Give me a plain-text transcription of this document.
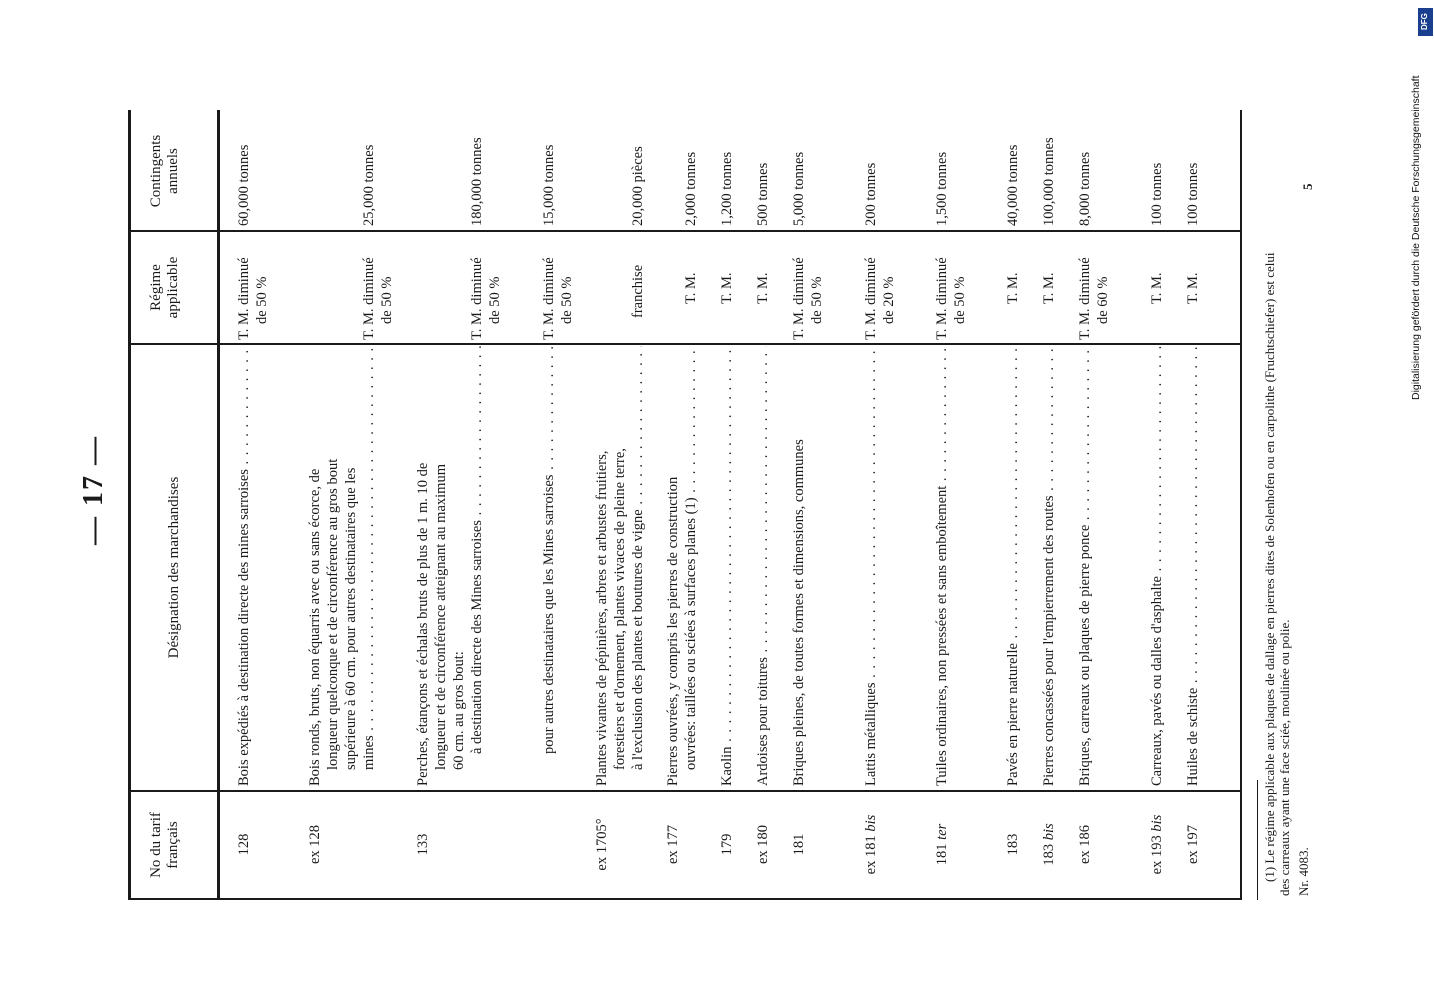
— 17 —
No du tarif français
Désignation des marchandises
Régime applicable
Contingents annuels
128
Bois expédiés à destination directe des mines sarroises . . .
T. M. diminué de 50 %
60,000 tonnes
ex 128
Bois ronds, bruts, non équarris avec ou sans écorce, de longueur quelconque et de circonférence au gros bout supérieure à 60 cm. pour autres destinataires que les mines . . .
T. M. diminué de 50 %
25,000 tonnes
133
Perches, étançons et échalas bruts de plus de 1 m. 10 de longueur et de circonférence atteignant au maximum 60 cm. au gros bout: à destination directe des Mines sarroises . . .
T. M. diminué de 50 %
180,000 tonnes
pour autres destinataires que les Mines sarroises . . .
T. M. diminué de 50 %
15,000 tonnes
ex 1705°
Plantes vivantes de pépinières, arbres et arbustes fruitiers, forestiers et d'ornement, plantes vivaces de pleine terre, à l'exclusion des plantes et boutures de vigne . . .
franchise
20,000 pièces
ex 177
Pierres ouvrées, y compris les pierres de construction ouvrées: taillées ou sciées à surfaces planes (1) . . .
T. M.
2,000 tonnes
179
Kaolin . . .
T. M.
1,200 tonnes
ex 180
Ardoises pour toitures . . .
T. M.
500 tonnes
181
Briques pleines, de toutes formes et dimensions, communes
T. M. diminué de 50 %
5,000 tonnes
ex 181 bis
Lattis métalliques . . .
T. M. diminué de 20 %
200 tonnes
181 ter
Tuiles ordinaires, non pressées et sans emboîtement . . .
T. M. diminué de 50 %
1,500 tonnes
183
Pavés en pierre naturelle . . .
T. M.
40,000 tonnes
183 bis
Pierres concassées pour l'empierrement des routes . . .
T. M.
100,000 tonnes
ex 186
Briques, carreaux ou plaques de pierre ponce . . .
T. M. diminué de 60 %
8,000 tonnes
ex 193 bis
Carreaux, pavés ou dalles d'asphalte . . .
T. M.
100 tonnes
ex 197
Huiles de schiste . . .
T. M.
100 tonnes
(1) Le régime applicable aux plaques de dallage en pierres dites de Solenhofen ou en carpolithe (Fruchtschiefer) est celui des carreaux ayant une face sciée, moulinée ou polie. Nr. 4083.
5	Digitalisierung gefördert durch die Deutsche Forschungsgemeinschaft
DFG
